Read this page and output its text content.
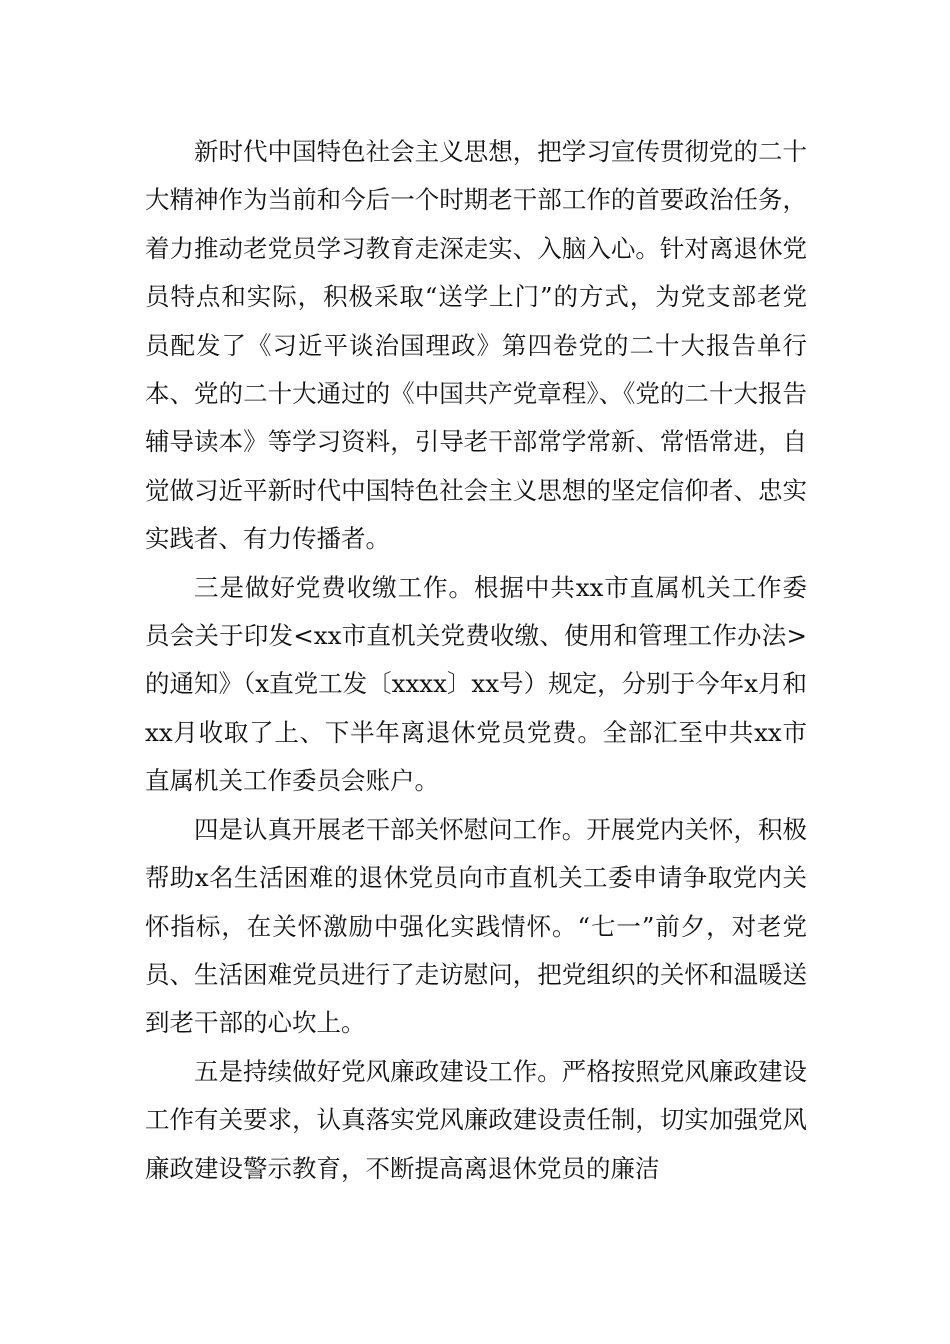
新时代中国特色社会主义思想，把学习宣传贯彻党的二十大精神作为当前和今后一个时期老干部工作的首要政治任务，着力推动老党员学习教育走深走实、入脑入心。针对离退休党员特点和实际，积极采取“送学上门”的方式，为党支部老党员配发了《习近平谈治国理政》第四卷党的二十大报告单行本、党的二十大通过的《中国共产党章程》、《党的二十大报告辅导读本》等学习资料，引导老干部常学常新、常悟常进，自觉做习近平新时代中国特色社会主义思想的坚定信仰者、忠实实践者、有力传播者。

三是做好党费收缴工作。根据中共xx市直属机关工作委员会关于印发<xx市直机关党费收缴、使用和管理工作办法>的通知》（x直党工发〔xxxx〕xx号）规定，分别于今年x月和xx月收取了上、下半年离退休党员党费。全部汇至中共xx市直属机关工作委员会账户。

四是认真开展老干部关怀慰问工作。开展党内关怀，积极帮助x名生活困难的退休党员向市直机关工委申请争取党内关怀指标，在关怀激励中强化实践情怀。“七一”前夕，对老党员、生活困难党员进行了走访慰问，把党组织的关怀和温暖送到老干部的心坎上。

五是持续做好党风廉政建设工作。严格按照党风廉政建设工作有关要求，认真落实党风廉政建设责任制，切实加强党风廉政建设警示教育，不断提高离退休党员的廉洁
